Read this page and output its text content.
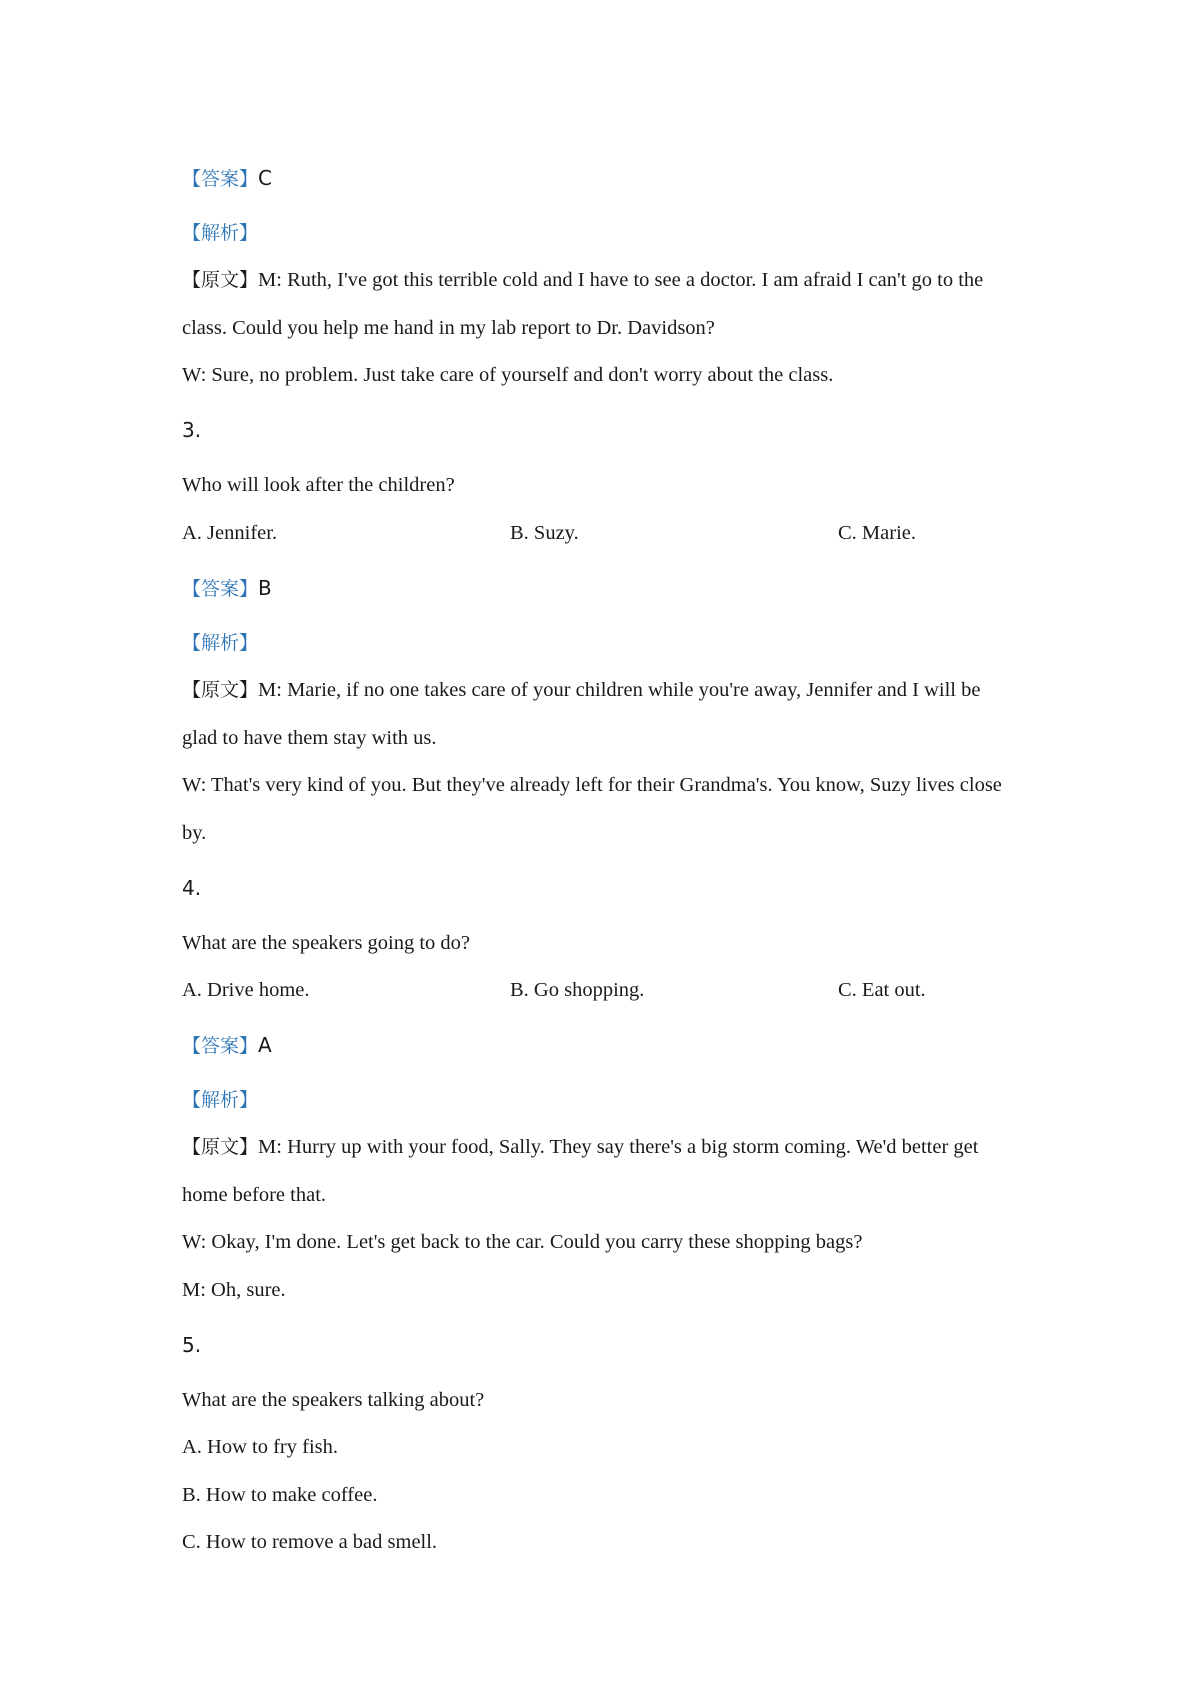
【答案】C
【解析】
【原文】M: Ruth, I've got this terrible cold and I have to see a doctor. I am afraid I can't go to the
class. Could you help me hand in my lab report to Dr. Davidson?
W: Sure, no problem. Just take care of yourself and don't worry about the class.
3.
Who will look after the children?
A. Jennifer.	B. Suzy.	C. Marie.
【答案】B
【解析】
【原文】M: Marie, if no one takes care of your children while you're away, Jennifer and I will be
glad to have them stay with us.
W: That's very kind of you. But they've already left for their Grandma's. You know, Suzy lives close
by.
4.
What are the speakers going to do?
A. Drive home.	B. Go shopping.	C. Eat out.
【答案】A
【解析】
【原文】M: Hurry up with your food, Sally. They say there's a big storm coming. We'd better get
home before that.
W: Okay, I'm done. Let's get back to the car. Could you carry these shopping bags?
M: Oh, sure.
5.
What are the speakers talking about?
A. How to fry fish.
B. How to make coffee.
C. How to remove a bad smell.
